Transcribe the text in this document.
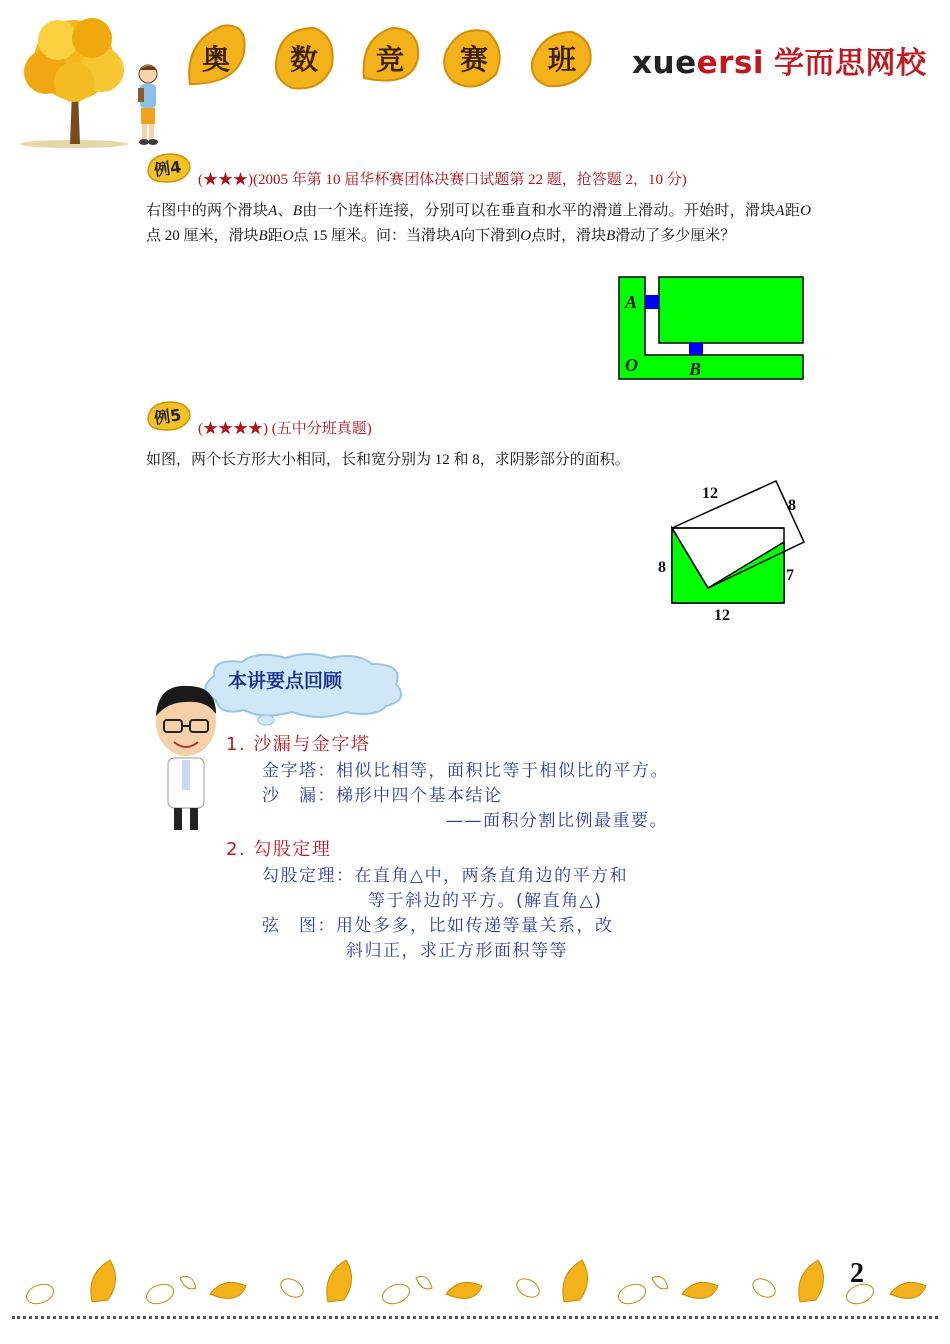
奥 数 竞 赛 班 xueersi 学而思网校
例4
(★★★)(2005 年第 10 届华杯赛团体决赛口试题第 22 题，抢答题 2，10 分)
右图中的两个滑块A、B由一个连杆连接，分别可以在垂直和水平的滑道上滑动。开始时，滑块A距O点 20 厘米，滑块B距O点 15 厘米。问：当滑块A向下滑到O点时，滑块B滑动了多少厘米？
A
O	B
例5
(★★★★) (五中分班真题)
如图，两个长方形大小相同，长和宽分别为 12 和 8，求阴影部分的面积。
12
8
8	7
12
本讲要点回顾
1. 沙漏与金字塔
金字塔：相似比相等，面积比等于相似比的平方。
沙　漏：梯形中四个基本结论
——面积分割比例最重要。
2. 勾股定理
勾股定理：在直角△中，两条直角边的平方和
等于斜边的平方。(解直角△)
弦　图：用处多多，比如传递等量关系，改
斜归正，求正方形面积等等
2
